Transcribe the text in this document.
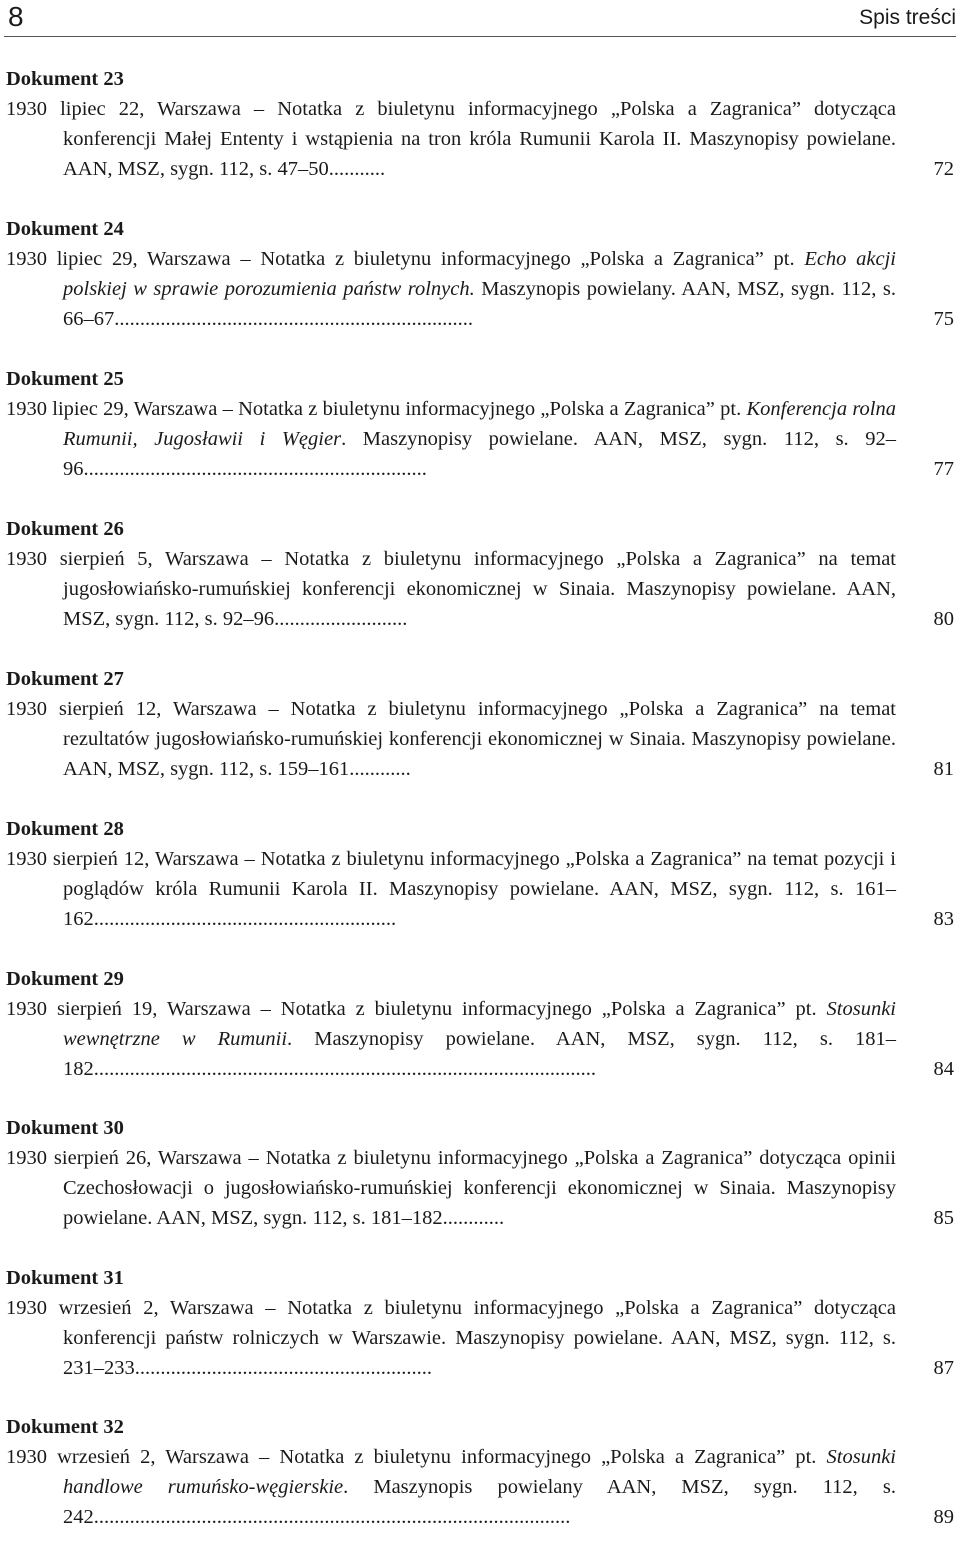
8	Spis treści
Dokument 23
1930 lipiec 22, Warszawa – Notatka z biuletynu informacyjnego „Polska a Zagranica” dotycząca konferencji Małej Ententy i wstąpienia na tron króla Rumunii Karola II. Maszynopisy powielane. AAN, MSZ, sygn. 112, s. 47–50...........	72
Dokument 24
1930 lipiec 29, Warszawa – Notatka z biuletynu informacyjnego „Polska a Zagranica” pt. Echo akcji polskiej w sprawie porozumienia państw rolnych. Maszynopis powielany. AAN, MSZ, sygn. 112, s. 66–67......................................................................	75
Dokument 25
1930 lipiec 29, Warszawa – Notatka z biuletynu informacyjnego „Polska a Zagranica” pt. Konferencja rolna Rumunii, Jugosławii i Węgier. Maszynopisy powielane. AAN, MSZ, sygn. 112, s. 92–96...................................................................	77
Dokument 26
1930 sierpień 5, Warszawa – Notatka z biuletynu informacyjnego „Polska a Zagranica” na temat jugosłowiańsko-rumuńskiej konferencji ekonomicznej w Sinaia. Maszynopisy powielane. AAN, MSZ, sygn. 112, s. 92–96..........................	80
Dokument 27
1930 sierpień 12, Warszawa – Notatka z biuletynu informacyjnego „Polska a Zagranica” na temat rezultatów jugosłowiańsko-rumuńskiej konferencji ekonomicznej w Sinaia. Maszynopisy powielane. AAN, MSZ, sygn. 112, s. 159–161............	81
Dokument 28
1930 sierpień 12, Warszawa – Notatka z biuletynu informacyjnego „Polska a Zagranica” na temat pozycji i poglądów króla Rumunii Karola II. Maszynopisy powielane. AAN, MSZ, sygn. 112, s. 161–162...........................................................	83
Dokument 29
1930 sierpień 19, Warszawa – Notatka z biuletynu informacyjnego „Polska a Zagranica” pt. Stosunki wewnętrzne w Rumunii. Maszynopisy powielane. AAN, MSZ, sygn. 112, s. 181–182..................................................................................................	84
Dokument 30
1930 sierpień 26, Warszawa – Notatka z biuletynu informacyjnego „Polska a Zagranica” dotycząca opinii Czechosłowacji o jugosłowiańsko-rumuńskiej konferencji ekonomicznej w Sinaia. Maszynopisy powielane. AAN, MSZ, sygn. 112, s. 181–182............	85
Dokument 31
1930 wrzesień 2, Warszawa – Notatka z biuletynu informacyjnego „Polska a Zagranica” dotycząca konferencji państw rolniczych w Warszawie. Maszynopisy powielane. AAN, MSZ, sygn. 112, s. 231–233..........................................................	87
Dokument 32
1930 wrzesień 2, Warszawa – Notatka z biuletynu informacyjnego „Polska a Zagranica” pt. Stosunki handlowe rumuńsko-węgierskie. Maszynopis powielany AAN, MSZ, sygn. 112, s. 242.............................................................................................	89
